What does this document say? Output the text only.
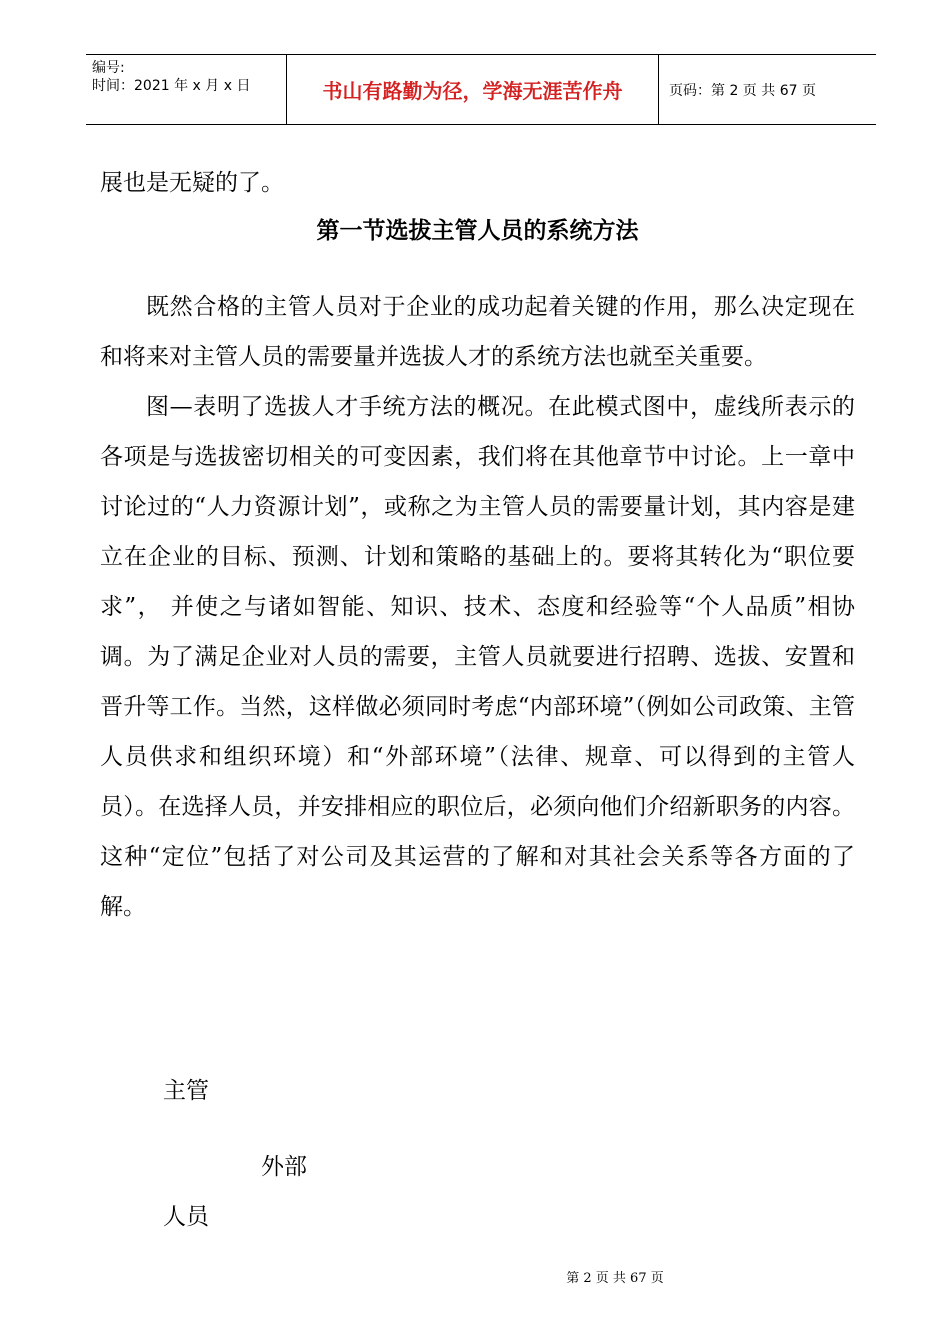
编号:
时间：2021 年 x 月 x 日	书山有路勤为径，学海无涯苦作舟	页码：第 2 页 共 67 页
展也是无疑的了。
第一节选拔主管人员的系统方法

既然合格的主管人员对于企业的成功起着关键的作用，那么决定现在和将来对主管人员的需要量并选拔人才的系统方法也就至关重要。

图—表明了选拔人才手统方法的概况。在此模式图中，虚线所表示的各项是与选拔密切相关的可变因素，我们将在其他章节中讨论。上一章中讨论过的“人力资源计划”，或称之为主管人员的需要量计划，其内容是建立在企业的目标、预测、计划和策略的基础上的。要将其转化为“职位要求”， 并使之与诸如智能、知识、技术、态度和经验等“个人品质”相协调。为了满足企业对人员的需要，主管人员就要进行招聘、选拔、安置和晋升等工作。当然，这样做必须同时考虑“内部环境”（例如公司政策、主管人员供求和组织环境）和“外部环境”（法律、规章、可以得到的主管人员）。在选择人员，并安排相应的职位后，必须向他们介绍新职务的内容。这种“定位”包括了对公司及其运营的了解和对其社会关系等各方面的了解。

主管
外部
人员
第 2 页 共 67 页
